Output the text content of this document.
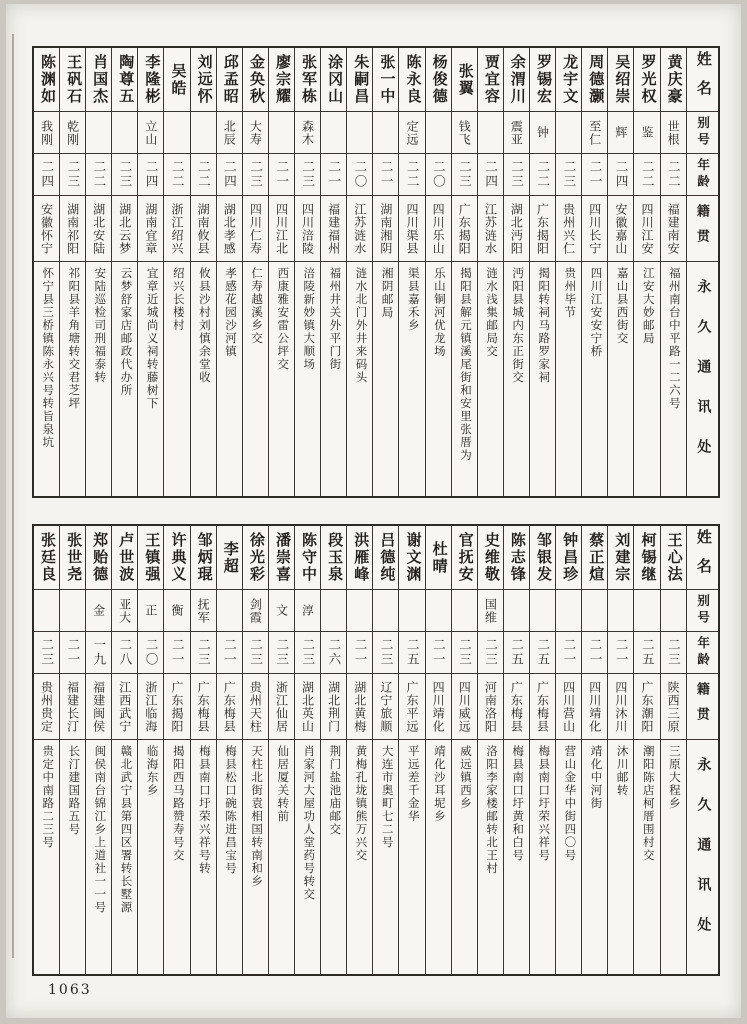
姓名
别号
年龄
籍贯
永久通讯处
黄庆豪
世根
二二
福建南安
福州南台中平路一二六号
罗光权
鉴
二二
四川江安
江安大妙邮局
吴绍崇
辉
二四
安徽嘉山
嘉山县西街交
周德灏
至仁
二一
四川长宁
四川江安安宁桥
龙宇文
二三
贵州兴仁
贵州毕节
罗锡宏
钟
二二
广东揭阳
揭阳转祠马路罗家祠
余渭川
震亚
二三
湖北沔阳
沔阳县城内东正街交
贾宜容
二四
江苏涟水
涟水浅集邮局交
张翼
钱飞
二三
广东揭阳
揭阳县解元镇溪尾街和安里张厝为
杨俊德
二〇
四川乐山
乐山铜河优龙场
陈永良
定远
二二
四川渠县
渠县嘉禾乡
张一中
二一
湖南湘阴
湘阴邮局
朱嗣昌
二〇
江苏涟水
涟水北门外井来码头
涂冈山
二一
福建福州
福州井关外平门街
张军栋
森木
二三
四川涪陵
涪陵新妙镇大顺场
廖宗耀
二一
四川江北
西康雅安雷公坪交
金奂秋
大寿
二三
四川仁寿
仁寿越溪乡交
邱孟昭
北辰
二四
湖北孝感
孝感花园沙河镇
刘远怀
二二
湖南攸县
攸县沙村刘慎余堂收
吴皓
二二
浙江绍兴
绍兴长楼村
李隆彬
立山
二四
湖南宜章
宜章近城尚义祠转藤树下
陶尊五
二三
湖北云梦
云梦舒家店邮政代办所
肖国杰
二二
湖北安陆
安陆巡检司刑福泰转
王矾石
乾刚
二三
湖南祁阳
祁阳县羊角塘转交君芝坪
陈渊如
我刚
二四
安徽怀宁
怀宁县三桥镇陈永兴号转旨泉坑
姓名
别号
年龄
籍贯
永久通讯处
王心法
二三
陕西三原
三原大程乡
柯锡继
二五
广东潮阳
潮阳陈店柯厝围村交
刘建宗
二一
四川沐川
沐川邮转
蔡正煊
二一
四川靖化
靖化中河街
钟昌珍
二一
四川营山
营山金华中街四〇号
邹银发
二五
广东梅县
梅县南口圩荣兴祥号
陈志锋
二五
广东梅县
梅县南口圩黄和白号
史维敬
国维
二三
河南洛阳
洛阳李家楼邮转北王村
官抚安
二三
四川威远
威远镇西乡
杜晴
二一
四川靖化
靖化沙耳坭乡
谢文渊
二五
广东平远
平远差千金华
吕德纯
二三
辽宁旅顺
大连市奥町七二号
洪雁峰
二一
湖北黄梅
黄梅孔垅镇熊万兴交
段玉泉
二六
湖北荆门
荆门盐池庙邮交
陈守中
淳
二三
湖北英山
肖家河大屋功人堂药号转交
潘崇喜
文
二三
浙江仙居
仙居厦关转前
徐光彩
剑霞
二三
贵州天柱
天柱北街袁相国转南和乡
李超
二一
广东梅县
梅县松口碗陈进昌宝号
邹炳琨
抚军
二三
广东梅县
梅县南口圩荣兴祥号转
许典义
衡
二一
广东揭阳
揭阳西马路赞寿号交
王镇强
正
二〇
浙江临海
临海东乡
卢世波
亚大
二八
江西武宁
赣北武宁县第四区署转长墅源
郑贻德
金
一九
福建闽侯
闽侯南台锦江乡上道社一一号
张世尧
二一
福建长汀
长汀建国路五号
张廷良
二三
贵州贵定
贵定中南路二三号
1063
